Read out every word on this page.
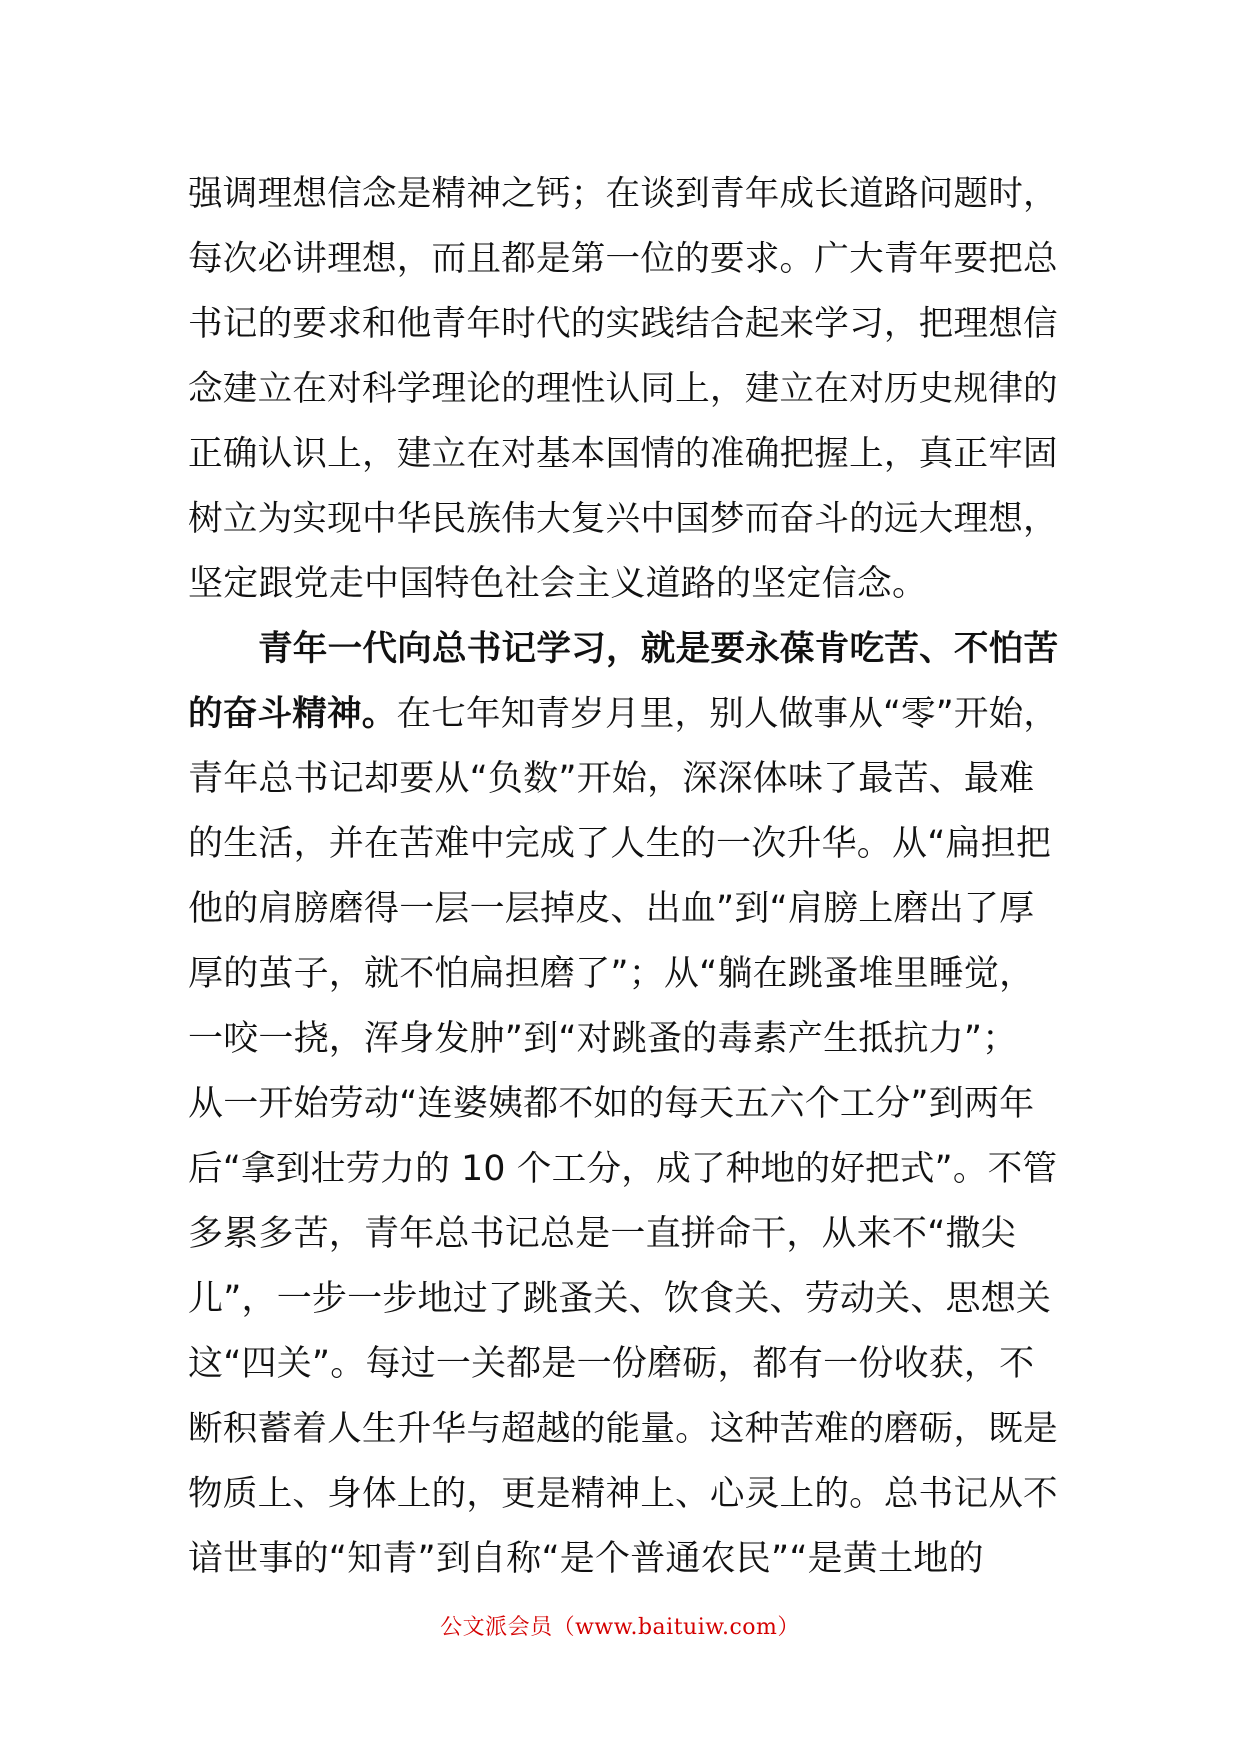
强调理想信念是精神之钙；在谈到青年成长道路问题时，
每次必讲理想，而且都是第一位的要求。广大青年要把总
书记的要求和他青年时代的实践结合起来学习，把理想信
念建立在对科学理论的理性认同上，建立在对历史规律的
正确认识上，建立在对基本国情的准确把握上，真正牢固
树立为实现中华民族伟大复兴中国梦而奋斗的远大理想，
坚定跟党走中国特色社会主义道路的坚定信念。
青年一代向总书记学习，就是要永葆肯吃苦、不怕苦
的奋斗精神。在七年知青岁月里，别人做事从“零”开始，
青年总书记却要从“负数”开始，深深体味了最苦、最难
的生活，并在苦难中完成了人生的一次升华。从“扁担把
他的肩膀磨得一层一层掉皮、出血”到“肩膀上磨出了厚
厚的茧子，就不怕扁担磨了”；从“躺在跳蚤堆里睡觉，
一咬一挠，浑身发肿”到“对跳蚤的毒素产生抵抗力”；
从一开始劳动“连婆姨都不如的每天五六个工分”到两年
后“拿到壮劳力的 10 个工分，成了种地的好把式”。不管
多累多苦，青年总书记总是一直拼命干，从来不“撒尖
儿”，一步一步地过了跳蚤关、饮食关、劳动关、思想关
这“四关”。每过一关都是一份磨砺，都有一份收获，不
断积蓄着人生升华与超越的能量。这种苦难的磨砺，既是
物质上、身体上的，更是精神上、心灵上的。总书记从不
谙世事的“知青”到自称“是个普通农民”“是黄土地的
公文派会员（www.baituiw.com）
